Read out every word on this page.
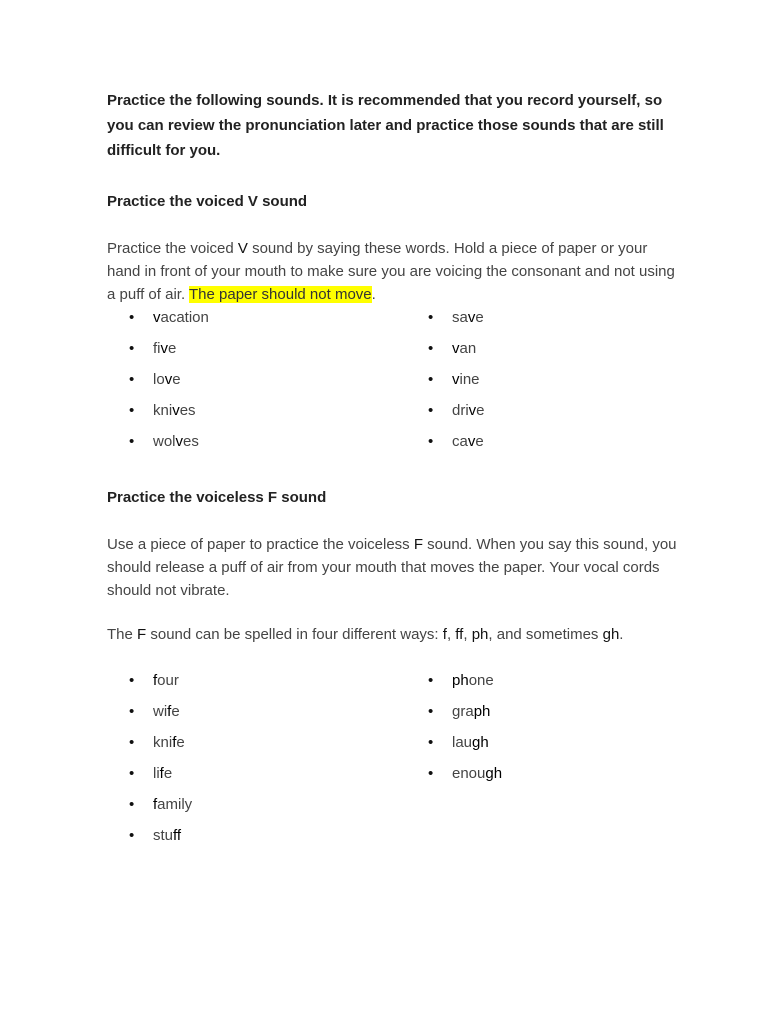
Practice the following sounds. It is recommended that you record yourself, so you can review the pronunciation later and practice those sounds that are still difficult for you.
Practice the voiced V sound
Practice the voiced V sound by saying these words. Hold a piece of paper or your hand in front of your mouth to make sure you are voicing the consonant and not using a puff of air. The paper should not move.
• vacation
• five
• love
• knives
• wolves
• save
• van
• vine
• drive
• cave
Practice the voiceless F sound
Use a piece of paper to practice the voiceless F sound. When you say this sound, you should release a puff of air from your mouth that moves the paper. Your vocal cords should not vibrate.
The F sound can be spelled in four different ways: f, ff, ph, and sometimes gh.
• four
• wife
• knife
• life
• family
• stuff
• phone
• graph
• laugh
• enough
